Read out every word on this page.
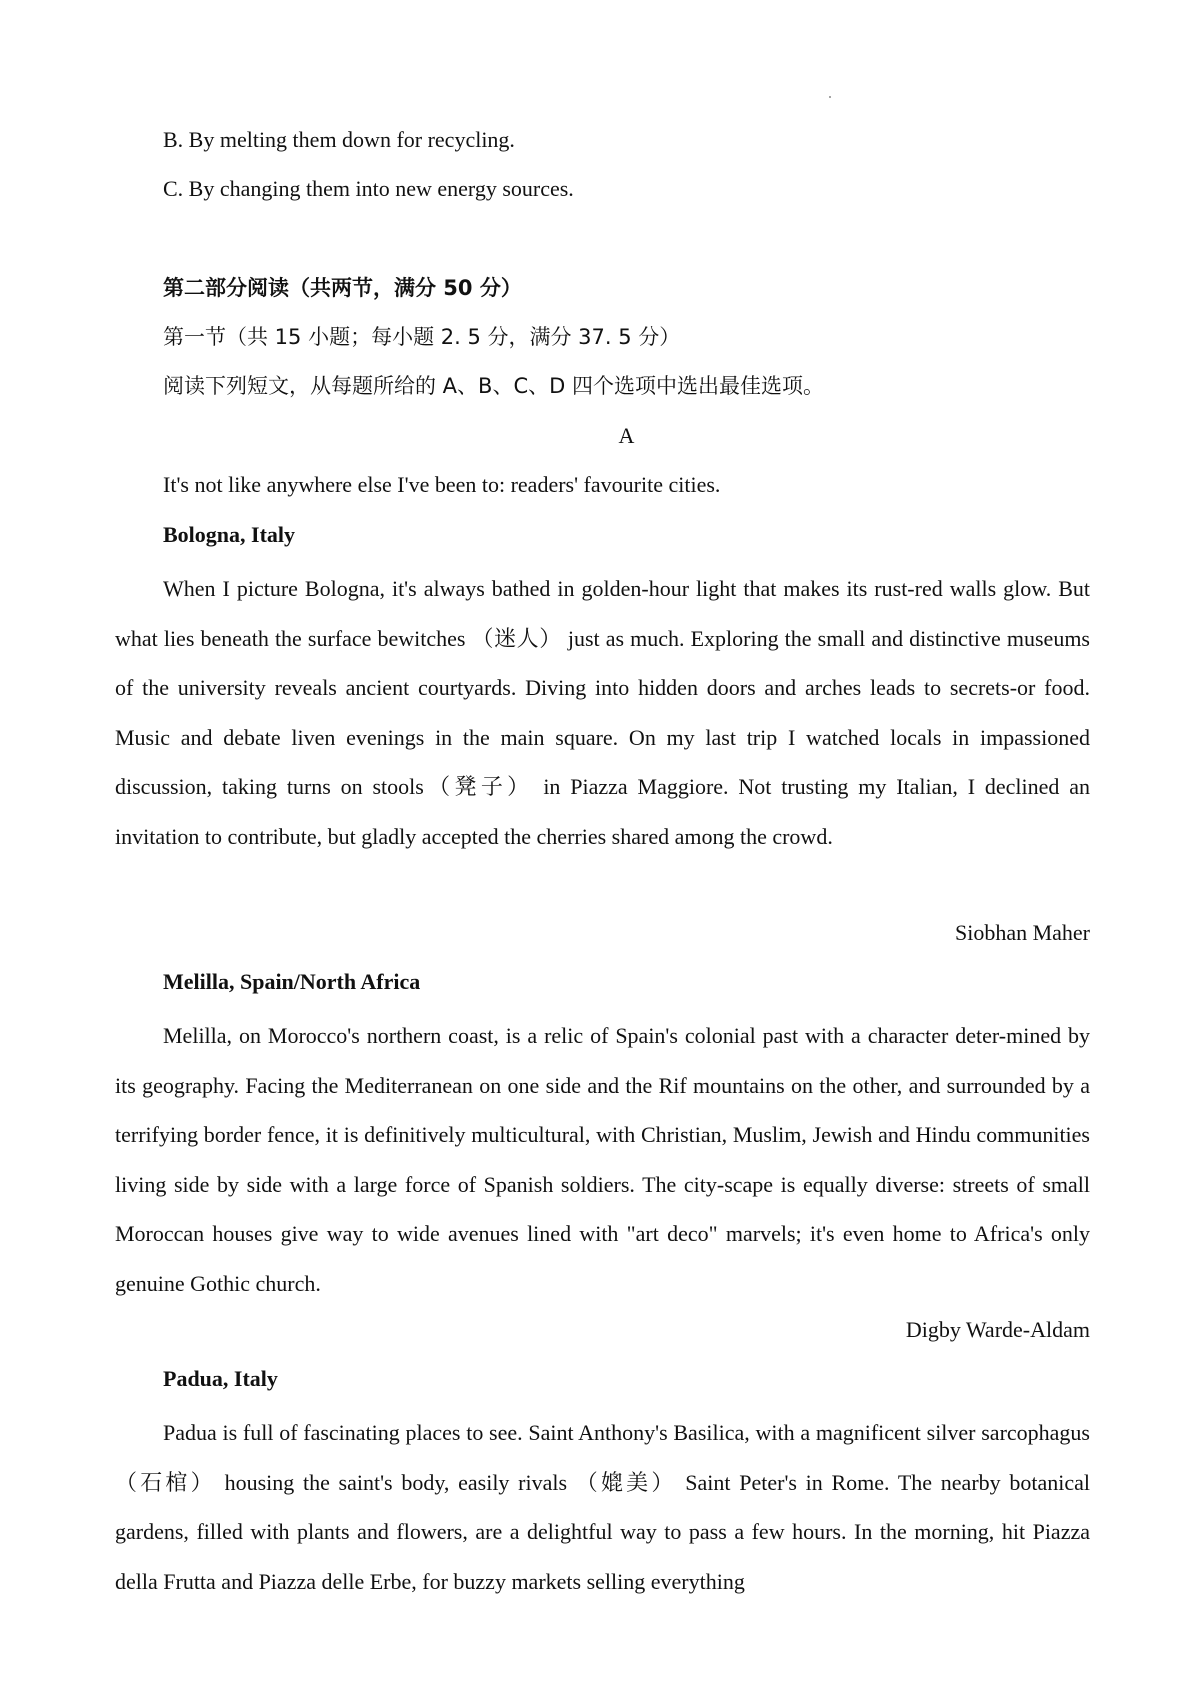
B. By melting them down for recycling.
C. By changing them into new energy sources.
第二部分阅读（共两节，满分 50 分）
第一节（共 15 小题；每小题 2. 5 分，满分 37. 5 分）
阅读下列短文，从每题所给的 A、B、C、D 四个选项中选出最佳选项。
A
It's not like anywhere else I've been to: readers' favourite cities.
Bologna, Italy

When I picture Bologna, it's always bathed in golden-hour light that makes its rust-red walls glow. But what lies beneath the surface bewitches （迷人） just as much. Exploring the small and distinctive museums of the university reveals ancient courtyards. Diving into hidden doors and arches leads to secrets-or food. Music and debate liven evenings in the main square. On my last trip I watched locals in impassioned discussion, taking turns on stools（凳子） in Piazza Maggiore. Not trusting my Italian, I declined an invitation to contribute, but gladly accepted the cherries shared among the crowd.

Siobhan Maher
Melilla, Spain/North Africa

Melilla, on Morocco's northern coast, is a relic of Spain's colonial past with a character deter-mined by its geography. Facing the Mediterranean on one side and the Rif mountains on the other, and surrounded by a terrifying border fence, it is definitively multicultural, with Christian, Muslim, Jewish and Hindu communities living side by side with a large force of Spanish soldiers. The city-scape is equally diverse: streets of small Moroccan houses give way to wide avenues lined with "art deco" marvels; it's even home to Africa's only genuine Gothic church.

Digby Warde-Aldam
Padua, Italy

Padua is full of fascinating places to see. Saint Anthony's Basilica, with a magnificent silver sarcophagus （石棺） housing the saint's body, easily rivals （媲美） Saint Peter's in Rome. The nearby botanical gardens, filled with plants and flowers, are a delightful way to pass a few hours. In the morning, hit Piazza della Frutta and Piazza delle Erbe, for buzzy markets selling everything
